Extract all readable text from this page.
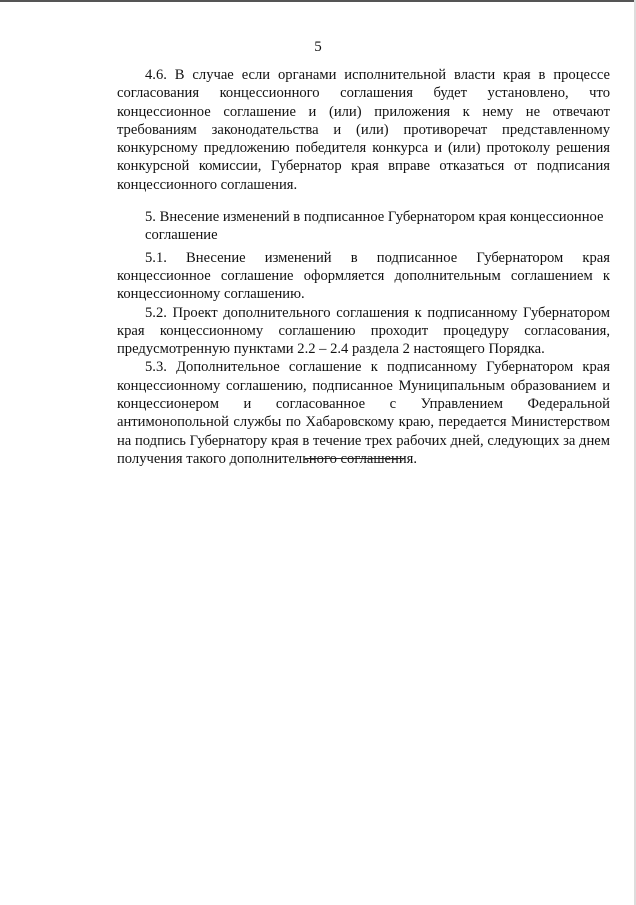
5

4.6. В случае если органами исполнительной власти края в процессе согласования концессионного соглашения будет установлено, что концессионное соглашение и (или) приложения к нему не отвечают требованиям законодательства и (или) противоречат представленному конкурсному предложению победителя конкурса и (или) протоколу решения конкурсной комиссии, Губернатор края вправе отказаться от подписания концессионного соглашения.

5. Внесение изменений в подписанное Губернатором края концессионное соглашение

5.1. Внесение изменений в подписанное Губернатором края концессионное соглашение оформляется дополнительным соглашением к концессионному соглашению.

5.2. Проект дополнительного соглашения к подписанному Губернатором края концессионному соглашению проходит процедуру согласования, предусмотренную пунктами 2.2 – 2.4 раздела 2 настоящего Порядка.

5.3. Дополнительное соглашение к подписанному Губернатором края концессионному соглашению, подписанное Муниципальным образованием и концессионером и согласованное с Управлением Федеральной антимонопольной службы по Хабаровскому краю, передается Министерством на подпись Губернатору края в течение трех рабочих дней, следующих за днем получения такого дополнительного соглашения.
